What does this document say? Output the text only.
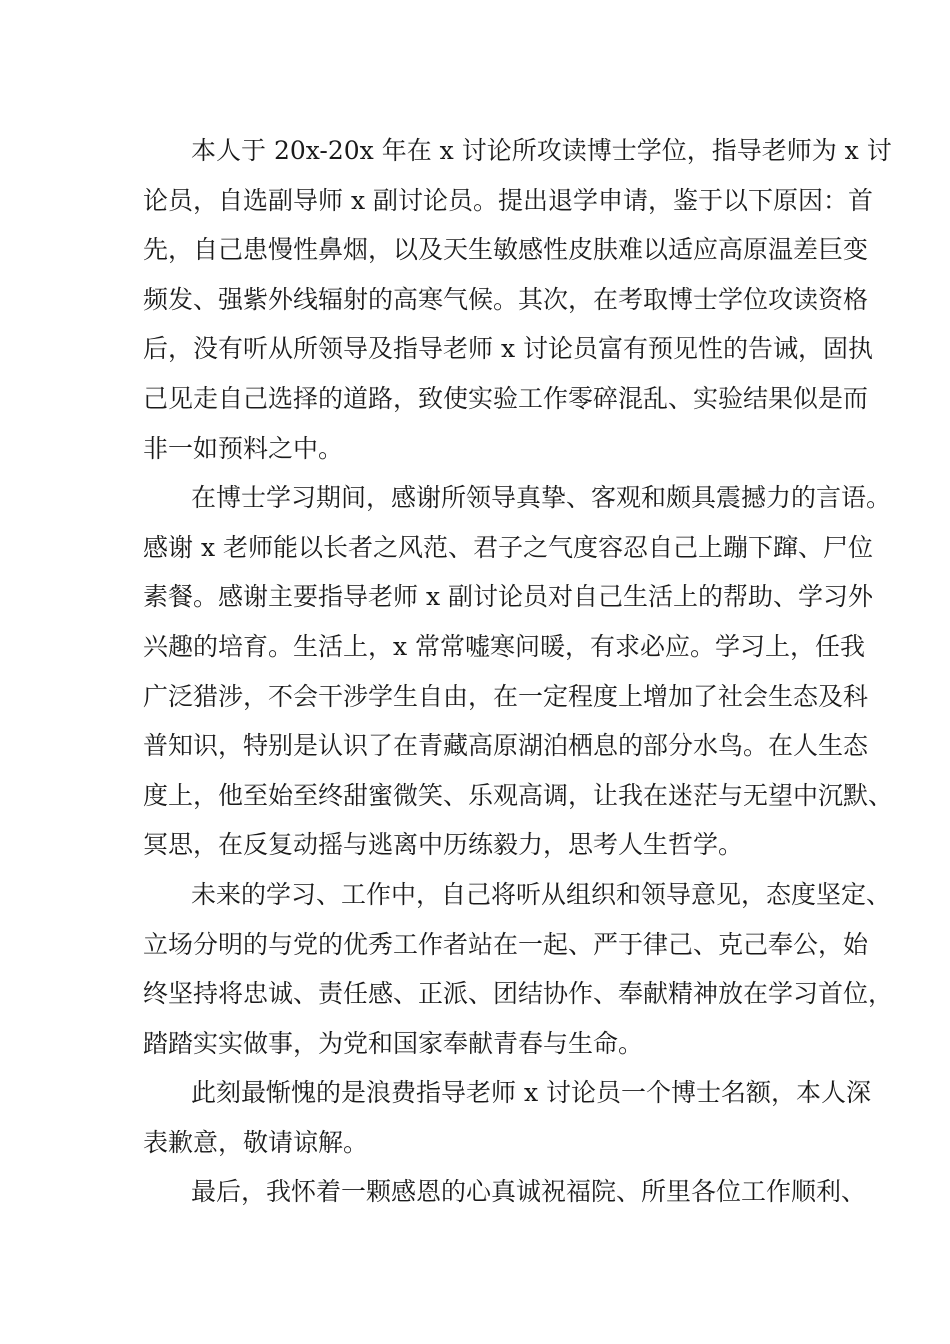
本人于 20x-20x 年在 x 讨论所攻读博士学位，指导老师为 x 讨
论员，自选副导师 x 副讨论员。提出退学申请，鉴于以下原因：首
先，自己患慢性鼻烟，以及天生敏感性皮肤难以适应高原温差巨变
频发、强紫外线辐射的高寒气候。其次，在考取博士学位攻读资格
后，没有听从所领导及指导老师 x 讨论员富有预见性的告诫，固执
己见走自己选择的道路，致使实验工作零碎混乱、实验结果似是而
非一如预料之中。
在博士学习期间，感谢所领导真挚、客观和颇具震撼力的言语。
感谢 x 老师能以长者之风范、君子之气度容忍自己上蹦下蹿、尸位
素餐。感谢主要指导老师 x 副讨论员对自己生活上的帮助、学习外
兴趣的培育。生活上，x 常常嘘寒问暖，有求必应。学习上，任我
广泛猎涉，不会干涉学生自由，在一定程度上增加了社会生态及科
普知识，特别是认识了在青藏高原湖泊栖息的部分水鸟。在人生态
度上，他至始至终甜蜜微笑、乐观高调，让我在迷茫与无望中沉默、
冥思，在反复动摇与逃离中历练毅力，思考人生哲学。
未来的学习、工作中，自己将听从组织和领导意见，态度坚定、
立场分明的与党的优秀工作者站在一起、严于律己、克己奉公，始
终坚持将忠诚、责任感、正派、团结协作、奉献精神放在学习首位，
踏踏实实做事，为党和国家奉献青春与生命。
此刻最惭愧的是浪费指导老师 x 讨论员一个博士名额，本人深
表歉意，敬请谅解。
最后，我怀着一颗感恩的心真诚祝福院、所里各位工作顺利、
